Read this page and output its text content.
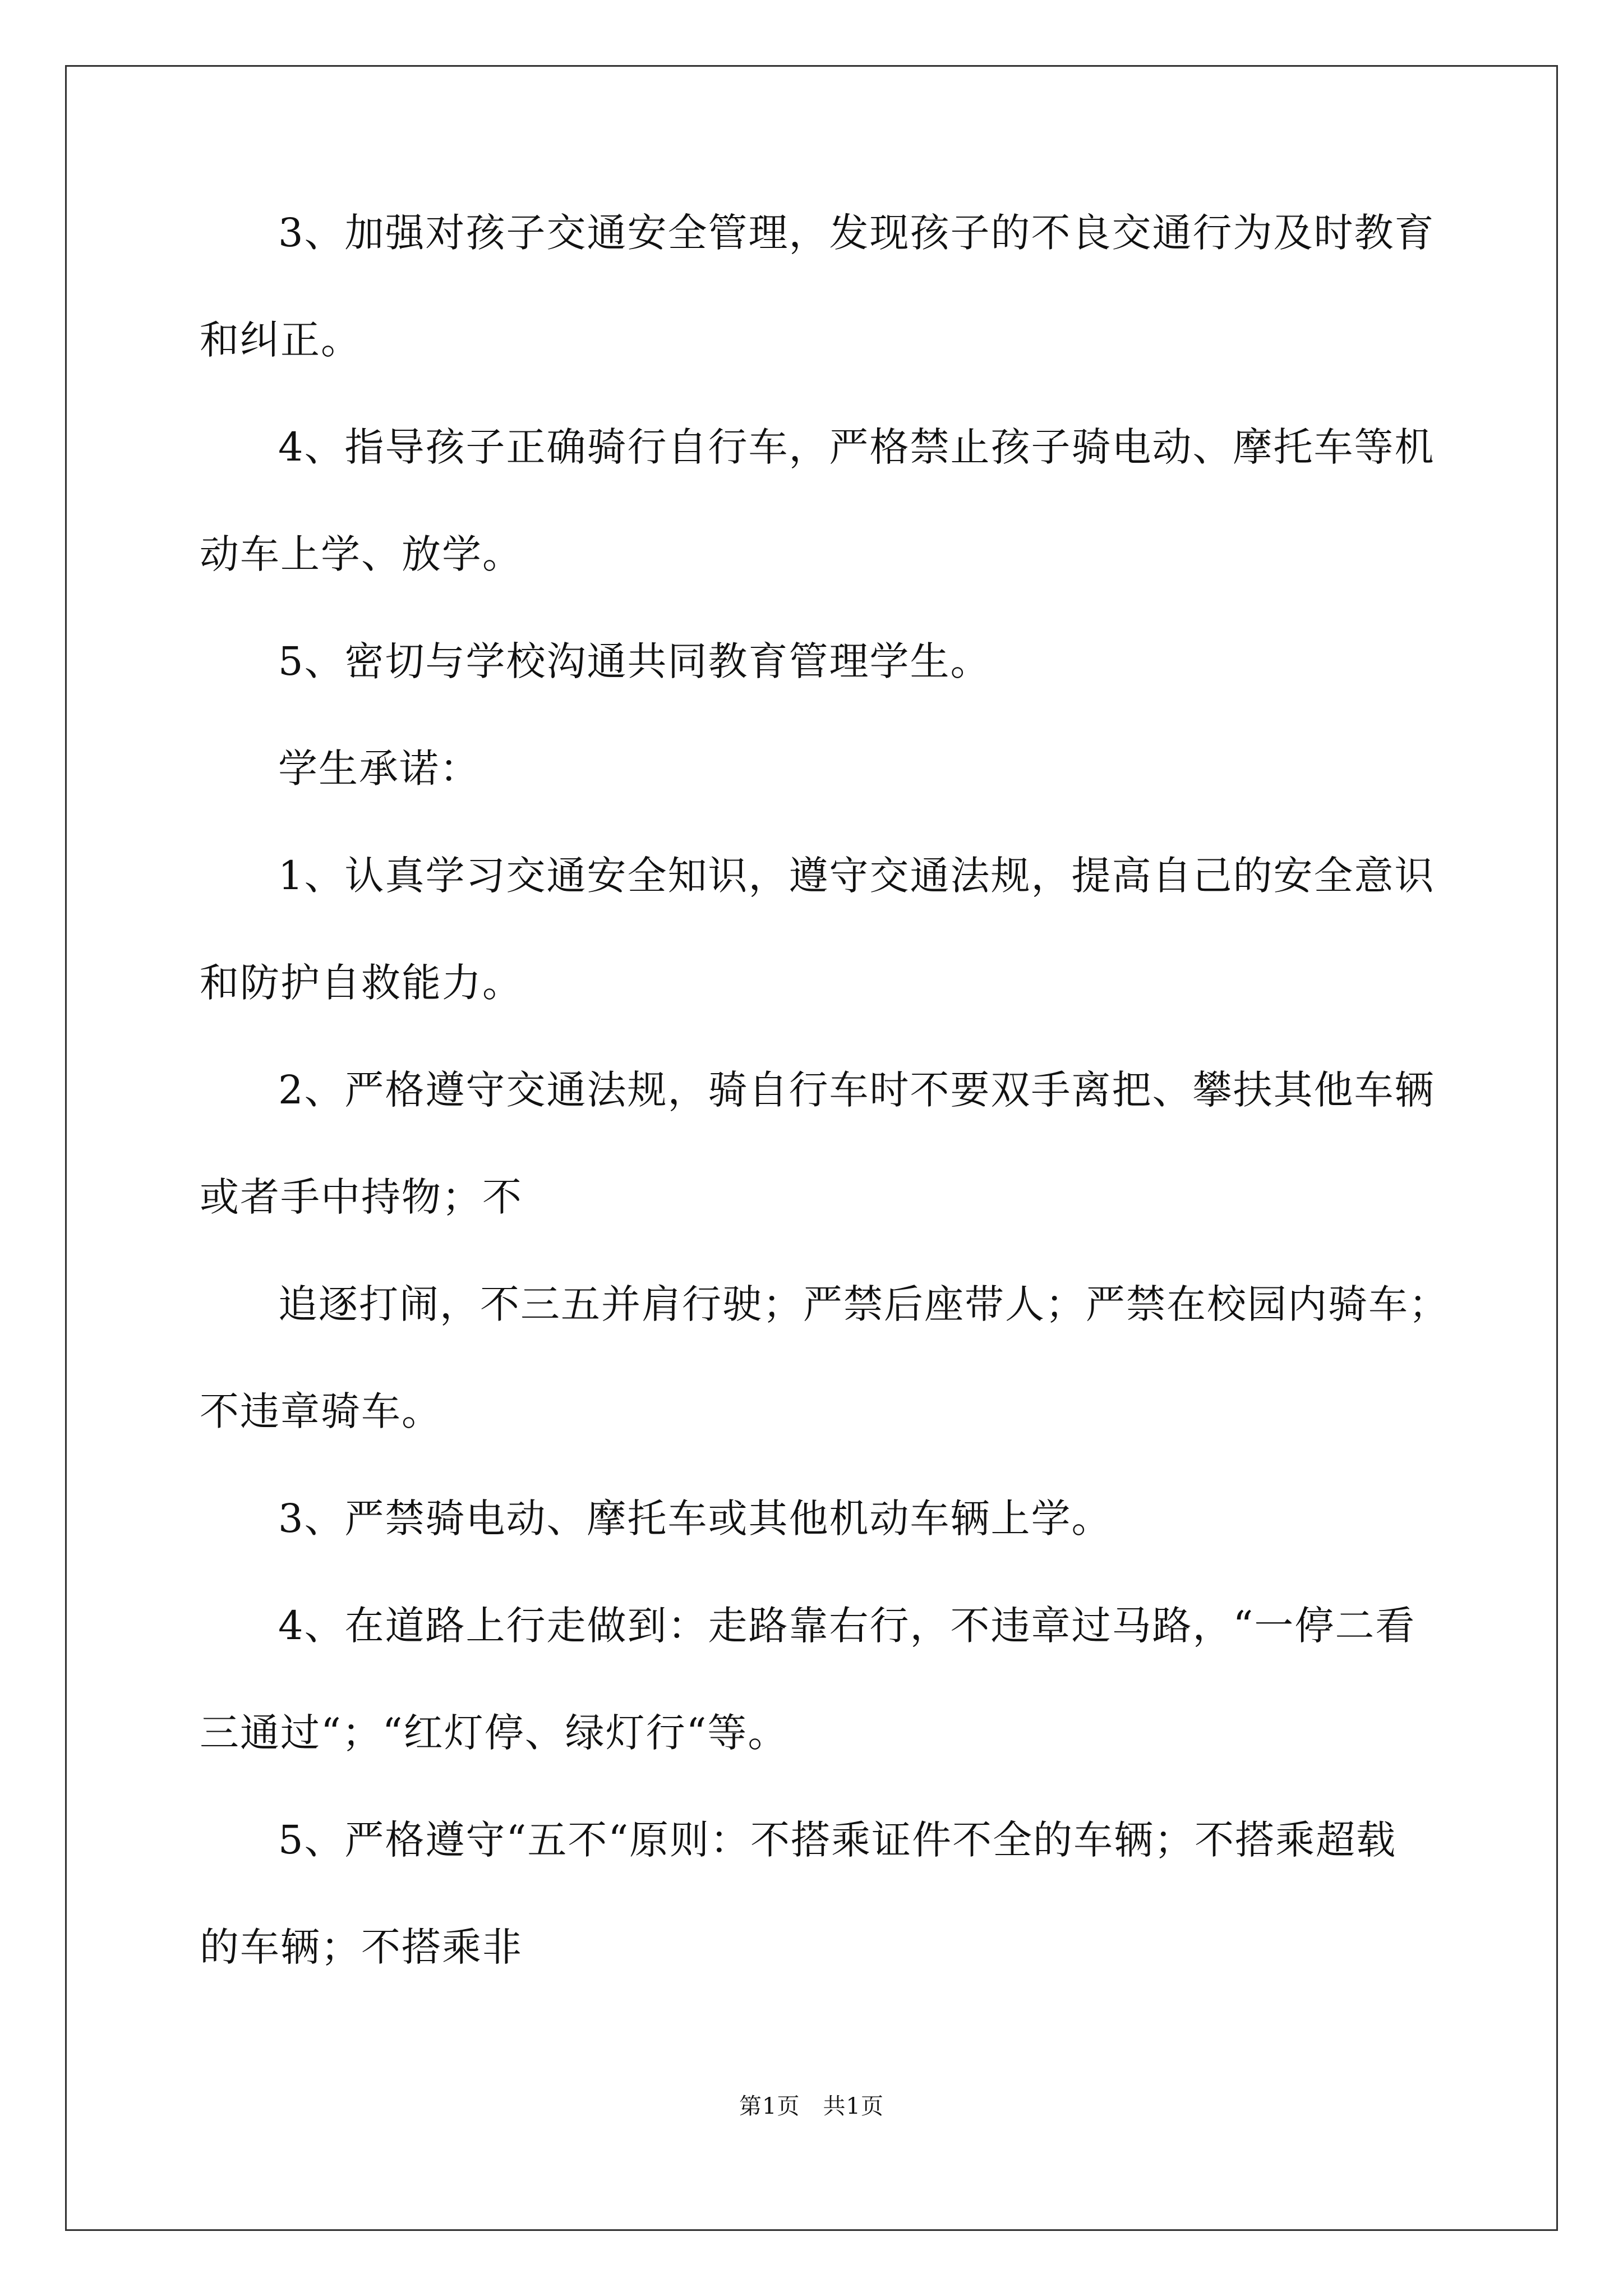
3、加强对孩子交通安全管理，发现孩子的不良交通行为及时教育
和纠正。
4、指导孩子正确骑行自行车，严格禁止孩子骑电动、摩托车等机
动车上学、放学。
5、密切与学校沟通共同教育管理学生。
学生承诺：
1、认真学习交通安全知识，遵守交通法规，提高自己的安全意识
和防护自救能力。
2、严格遵守交通法规，骑自行车时不要双手离把、攀扶其他车辆
或者手中持物；不
追逐打闹，不三五并肩行驶；严禁后座带人；严禁在校园内骑车；
不违章骑车。
3、严禁骑电动、摩托车或其他机动车辆上学。
4、在道路上行走做到：走路靠右行，不违章过马路，“一停二看
三通过“；“红灯停、绿灯行“等。
5、严格遵守“五不“原则：不搭乘证件不全的车辆；不搭乘超载
的车辆；不搭乘非
第1页　共1页
